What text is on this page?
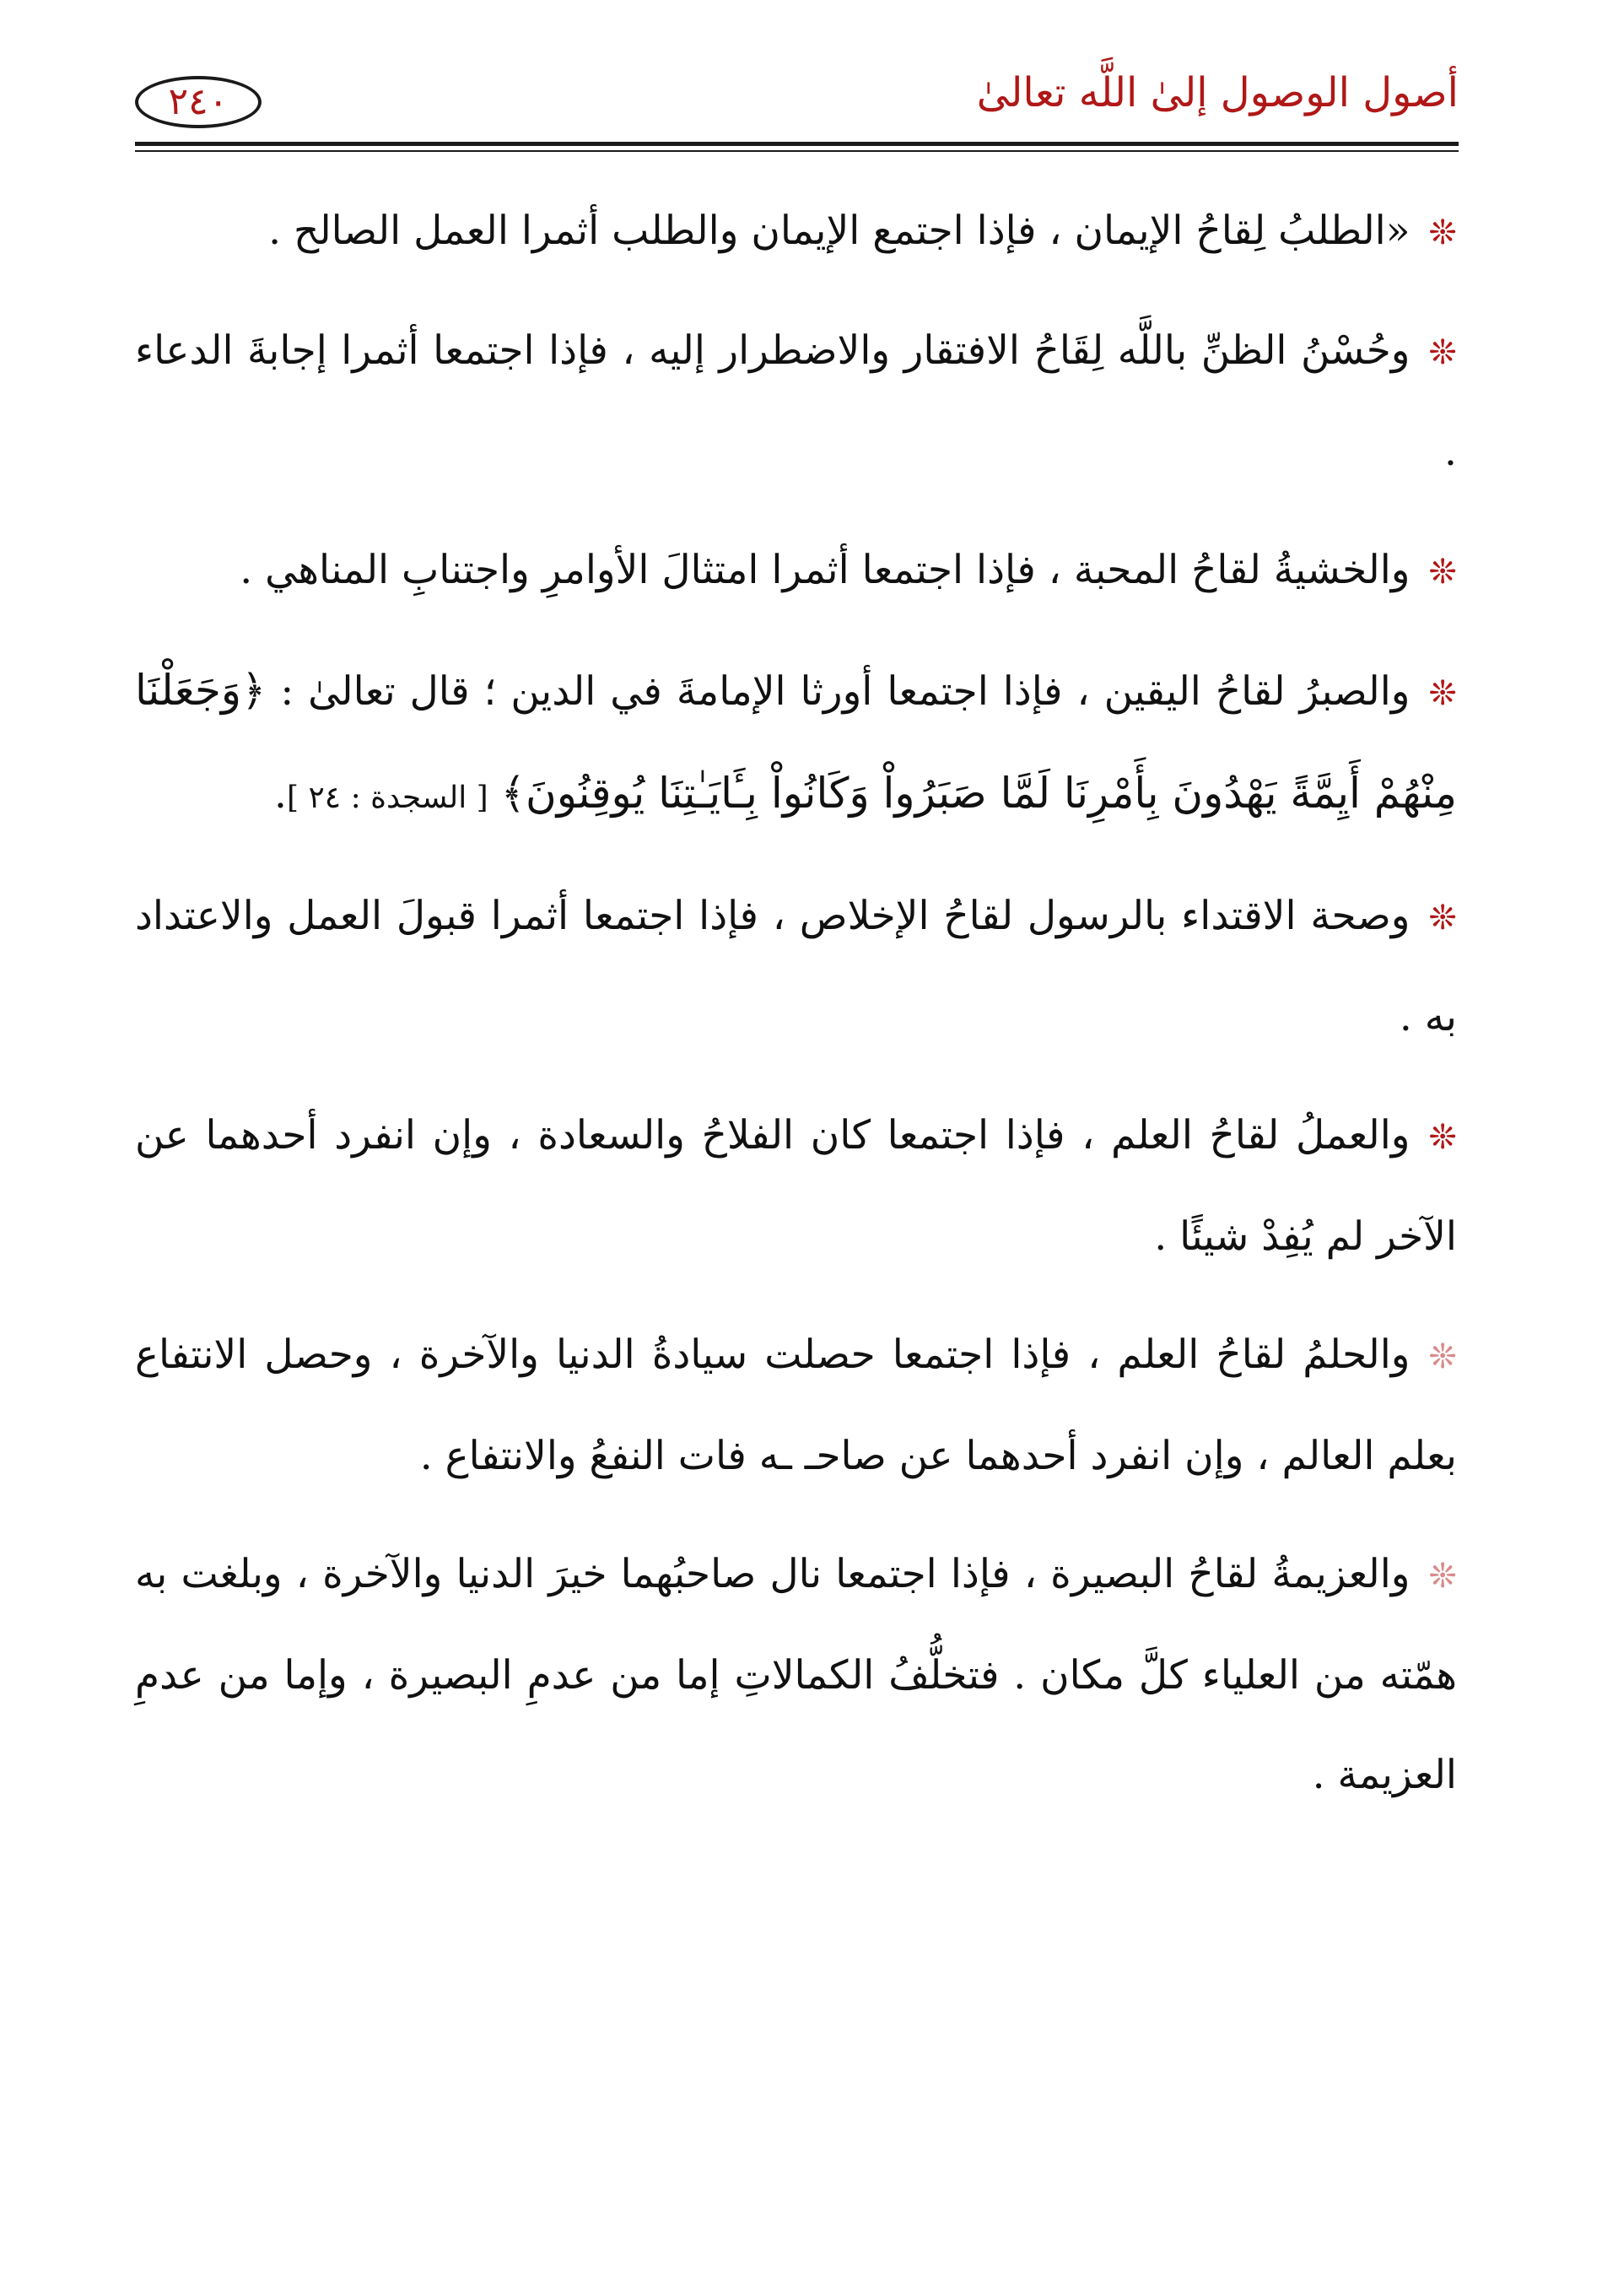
٢٤٠	أصول الوصول إلىٰ اللَّه تعالىٰ

❊«الطلبُ لِقاحُ الإيمان ، فإذا اجتمع الإيمان والطلب أثمرا العمل الصالح .

❊وحُسْنُ الظنِّ باللَّه لِقَاحُ الافتقار والاضطرار إليه ، فإذا اجتمعا أثمرا إجابةَ الدعاء .

❊والخشيةُ لقاحُ المحبة ، فإذا اجتمعا أثمرا امتثالَ الأوامرِ واجتنابِ المناهي .

❊والصبرُ لقاحُ اليقين ، فإذا اجتمعا أورثا الإمامةَ في الدين ؛ قال تعالىٰ : ﴿وَجَعَلْنَا مِنْهُمْ أَيِمَّةً يَهْدُونَ بِأَمْرِنَا لَمَّا صَبَرُواْ وَكَانُواْ بِـَٔايَـٰتِنَا يُوقِنُونَ﴾ [ السجدة : ٢٤ ].

❊وصحة الاقتداء بالرسول لقاحُ الإخلاص ، فإذا اجتمعا أثمرا قبولَ العمل والاعتداد به .

❊والعملُ لقاحُ العلم ، فإذا اجتمعا كان الفلاحُ والسعادة ، وإن انفرد أحدهما عن الآخر لم يُفِدْ شيئًا .

❊والحلمُ لقاحُ العلم ، فإذا اجتمعا حصلت سيادةُ الدنيا والآخرة ، وحصل الانتفاع بعلم العالم ، وإن انفرد أحدهما عن صاحـ ـه فات النفعُ والانتفاع .

❊والعزيمةُ لقاحُ البصيرة ، فإذا اجتمعا نال صاحبُهما خيرَ الدنيا والآخرة ، وبلغت به همّته من العلياء كلَّ مكان . فتخلُّفُ الكمالاتِ إما من عدمِ البصيرة ، وإما من عدمِ العزيمة .
